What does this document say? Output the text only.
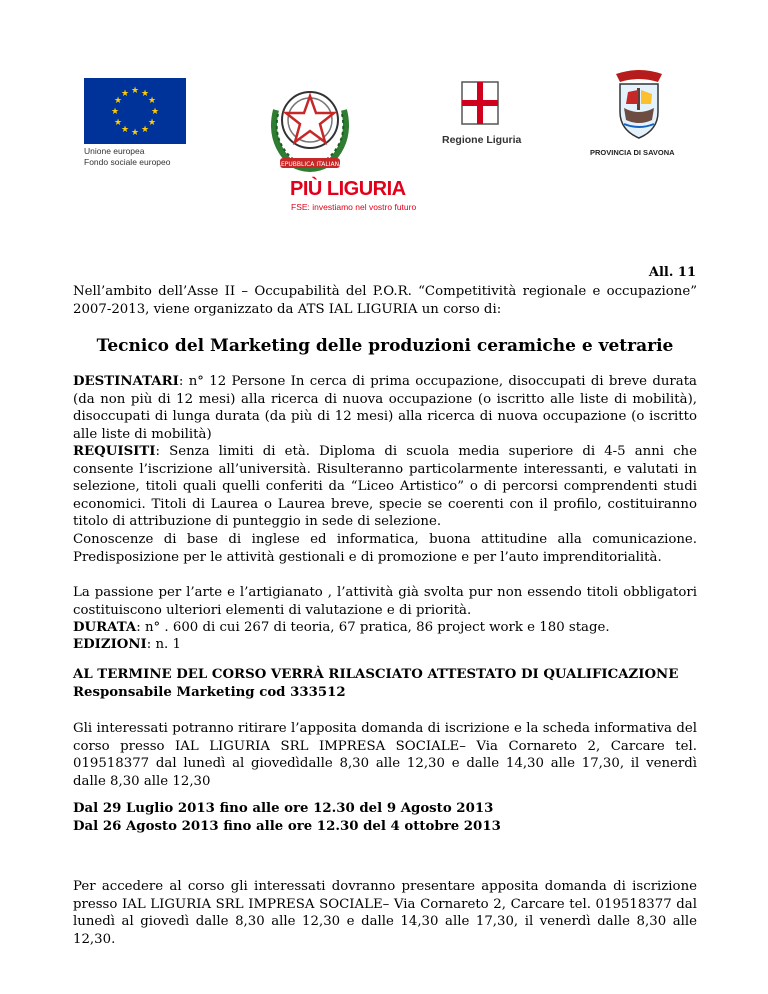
★ ★
★
★
★
★
★
★
★
★
★
★
Unione europea
Fondo sociale europeo	REPUBBLICA ITALIANA
Regione Liguria
PROVINCIA DI SAVONA
PIÙ LIGURIA
FSE: investiamo nel vostro futuro
All. 11

Nell’ambito dell’Asse II – Occupabilità del P.O.R. “Competitività regionale e occupazione” 2007-2013, viene organizzato da ATS IAL LIGURIA un corso di:

Tecnico del Marketing delle produzioni ceramiche e vetrarie

DESTINATARI: n° 12 Persone In cerca di prima occupazione, disoccupati di breve durata (da non più di 12 mesi) alla ricerca di nuova occupazione (o iscritto alle liste di mobilità), disoccupati di lunga durata (da più di 12 mesi) alla ricerca di nuova occupazione (o iscritto alle liste di mobilità)

REQUISITI: Senza limiti di età. Diploma di scuola media superiore di 4-5 anni che consente l’iscrizione all’università. Risulteranno particolarmente interessanti, e valutati in selezione, titoli quali quelli conferiti da “Liceo Artistico” o di percorsi comprendenti studi economici. Titoli di Laurea o Laurea breve, specie se coerenti con il profilo, costituiranno titolo di attribuzione di punteggio in sede di selezione.

Conoscenze di base di inglese ed informatica, buona attitudine alla comunicazione. Predisposizione per le attività gestionali e di promozione e per l’auto imprenditorialità.

La passione per l’arte e l’artigianato , l’attività già svolta pur non essendo titoli obbligatori costituiscono ulteriori elementi di valutazione e di priorità.

DURATA: n° . 600 di cui 267 di teoria, 67 pratica, 86 project work e 180 stage.

EDIZIONI: n. 1

AL TERMINE DEL CORSO VERRÀ RILASCIATO ATTESTATO DI QUALIFICAZIONE

Responsabile Marketing cod 333512

Gli interessati potranno ritirare l’apposita domanda di iscrizione e la scheda informativa del corso presso IAL LIGURIA SRL IMPRESA SOCIALE– Via Cornareto 2, Carcare tel. 019518377 dal lunedì al giovedìdalle 8,30 alle 12,30 e dalle 14,30 alle 17,30, il venerdì dalle 8,30 alle 12,30

Dal 29 Luglio 2013 fino alle ore 12.30 del 9 Agosto 2013

Dal 26 Agosto 2013 fino alle ore 12.30 del 4 ottobre 2013

Per accedere al corso gli interessati dovranno presentare apposita domanda di iscrizione presso IAL LIGURIA SRL IMPRESA SOCIALE– Via Cornareto 2, Carcare tel. 019518377 dal lunedì al giovedì dalle 8,30 alle 12,30 e dalle 14,30 alle 17,30, il venerdì dalle 8,30 alle 12,30.
